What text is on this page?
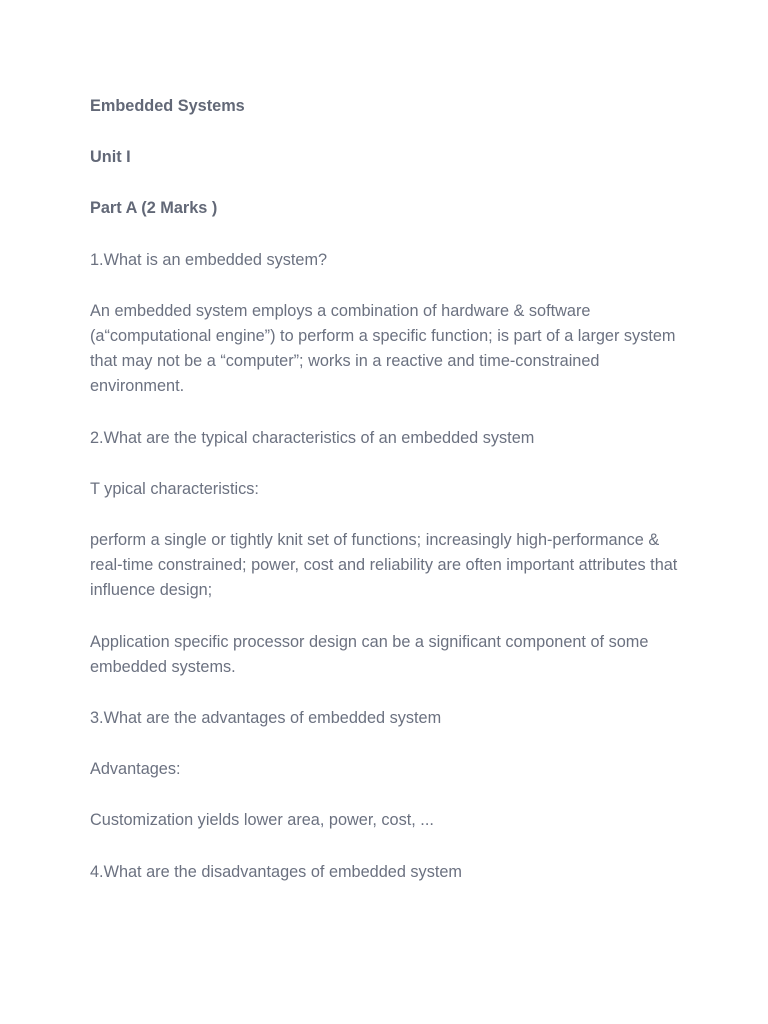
Embedded Systems

Unit I

Part A (2 Marks )

1.What is an embedded system?

An embedded system employs a combination of hardware & software (a“computational engine”) to perform a specific function; is part of a larger system that may not be a “computer”; works in a reactive and time-constrained environment.

2.What are the typical characteristics of an embedded system

T ypical characteristics:

perform a single or tightly knit set of functions; increasingly high-performance & real-time constrained; power, cost and reliability are often important attributes that influence design;

Application specific processor design can be a significant component of some embedded systems.

3.What are the advantages of embedded system

Advantages:

Customization yields lower area, power, cost, ...

4.What are the disadvantages of embedded system
